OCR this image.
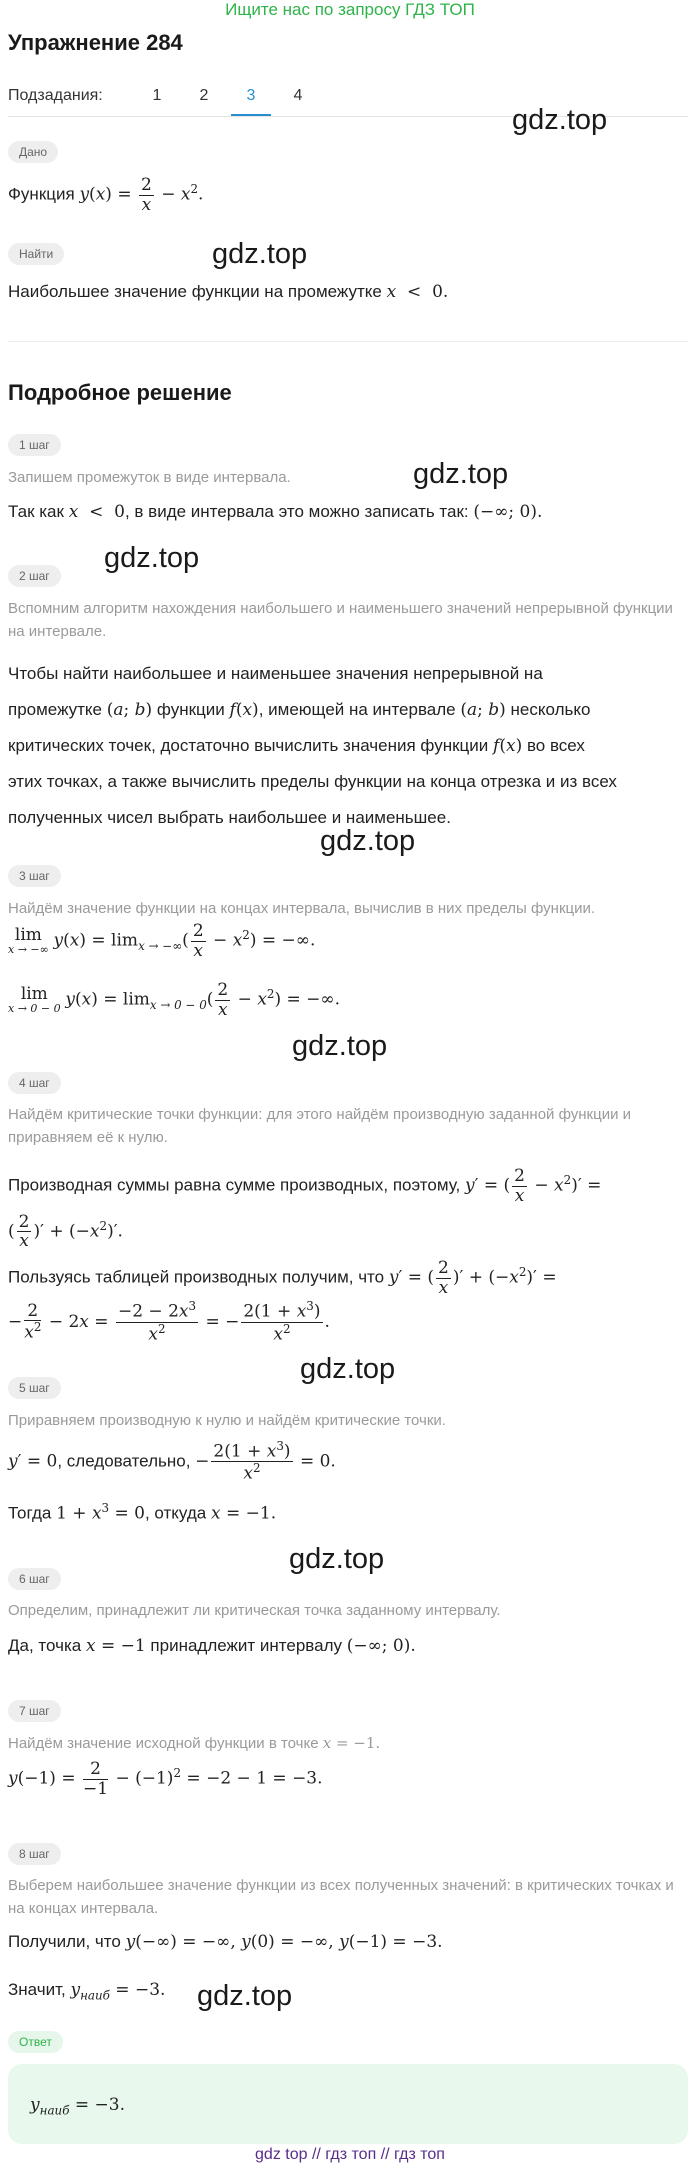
Ищите нас по запросу ГДЗ ТОП
Упражнение 284
Подзадания:	1	2	3	4
gdz.top
gdz.top
gdz.top
gdz.top
gdz.top
gdz.top
gdz.top
gdz.top
gdz.top
Дано
Функция $y(x) = \frac{2}{x} - x^2$.
Найти
Наибольшее значение функции на промежутке x  <  0.
Подробное решение
1 шаг
Запишем промежуток в виде интервала.
Так как x  <  0, в виде интервала это можно записать так: (−∞; 0).
2 шаг
Вспомним алгоритм нахождения наибольшего и наименьшего значений непрерывной функции на интервале.
Чтобы найти наибольшее и наименьшее значения непрерывной на
промежутке (a; b) функции f(x), имеющей на интервале (a; b) несколько
критических точек, достаточно вычислить значения функции f(x) во всех
этих точках, а также вычислить пределы функции на конца отрезка и из всех
полученных чисел выбрать наибольшее и наименьшее.
3 шаг
Найдём значение функции на концах интервала, вычислив в них пределы функции.
lim
x → −∞ $y(x) = \lim_{x \to -\infty}( \frac{2}{x} - x^2)$ = −∞.
lim
x → 0 − 0 $y(x) = \lim_{x \to 0 - 0}( \frac{2}{x} - x^2)$ = −∞.
4 шаг
Найдём критические точки функции: для этого найдём производную заданной функции и приравняем её к нулю.
Производная суммы равна сумме производных, поэтому, y′ = ( $\frac{2}{x} - x^2)'$ =
( $\frac{2}{x}$ )′ + $(-x^2)'$.
Пользуясь таблицей производных получим, что y′ = ( $\frac{2}{x}$ )′ + $(-x^2)'$ =
− $\frac{2}{x^2} - 2x = \frac{-2 - 2x^3}{x^2}$ = − $\frac{2(1 + x^3)}{x^2}$ .
5 шаг
Приравняем производную к нулю и найдём критические точки.
y′ = 0, следовательно, − $\frac{2(1 + x^3)}{x^2} = 0$.
Тогда $1 + x^3 = 0$, откуда x = −1.
6 шаг
Определим, принадлежит ли критическая точка заданному интервалу.
Да, точка x = −1 принадлежит интервалу (−∞; 0).
7 шаг
Найдём значение исходной функции в точке x = −1.
$y(-1) = \frac{2}{-1} - (-1)^2 = -2 - 1 = -3$.
8 шаг
Выберем наибольшее значение функции из всех полученных значений: в критических точках и на концах интервала.
Получили, что y(−∞) = −∞, y(0) = −∞, y(−1) = −3.
Значит, $y_{наиб} = -3$.
Ответ
$y_{наиб} = -3$.
gdz top // гдз топ // гдз топ
